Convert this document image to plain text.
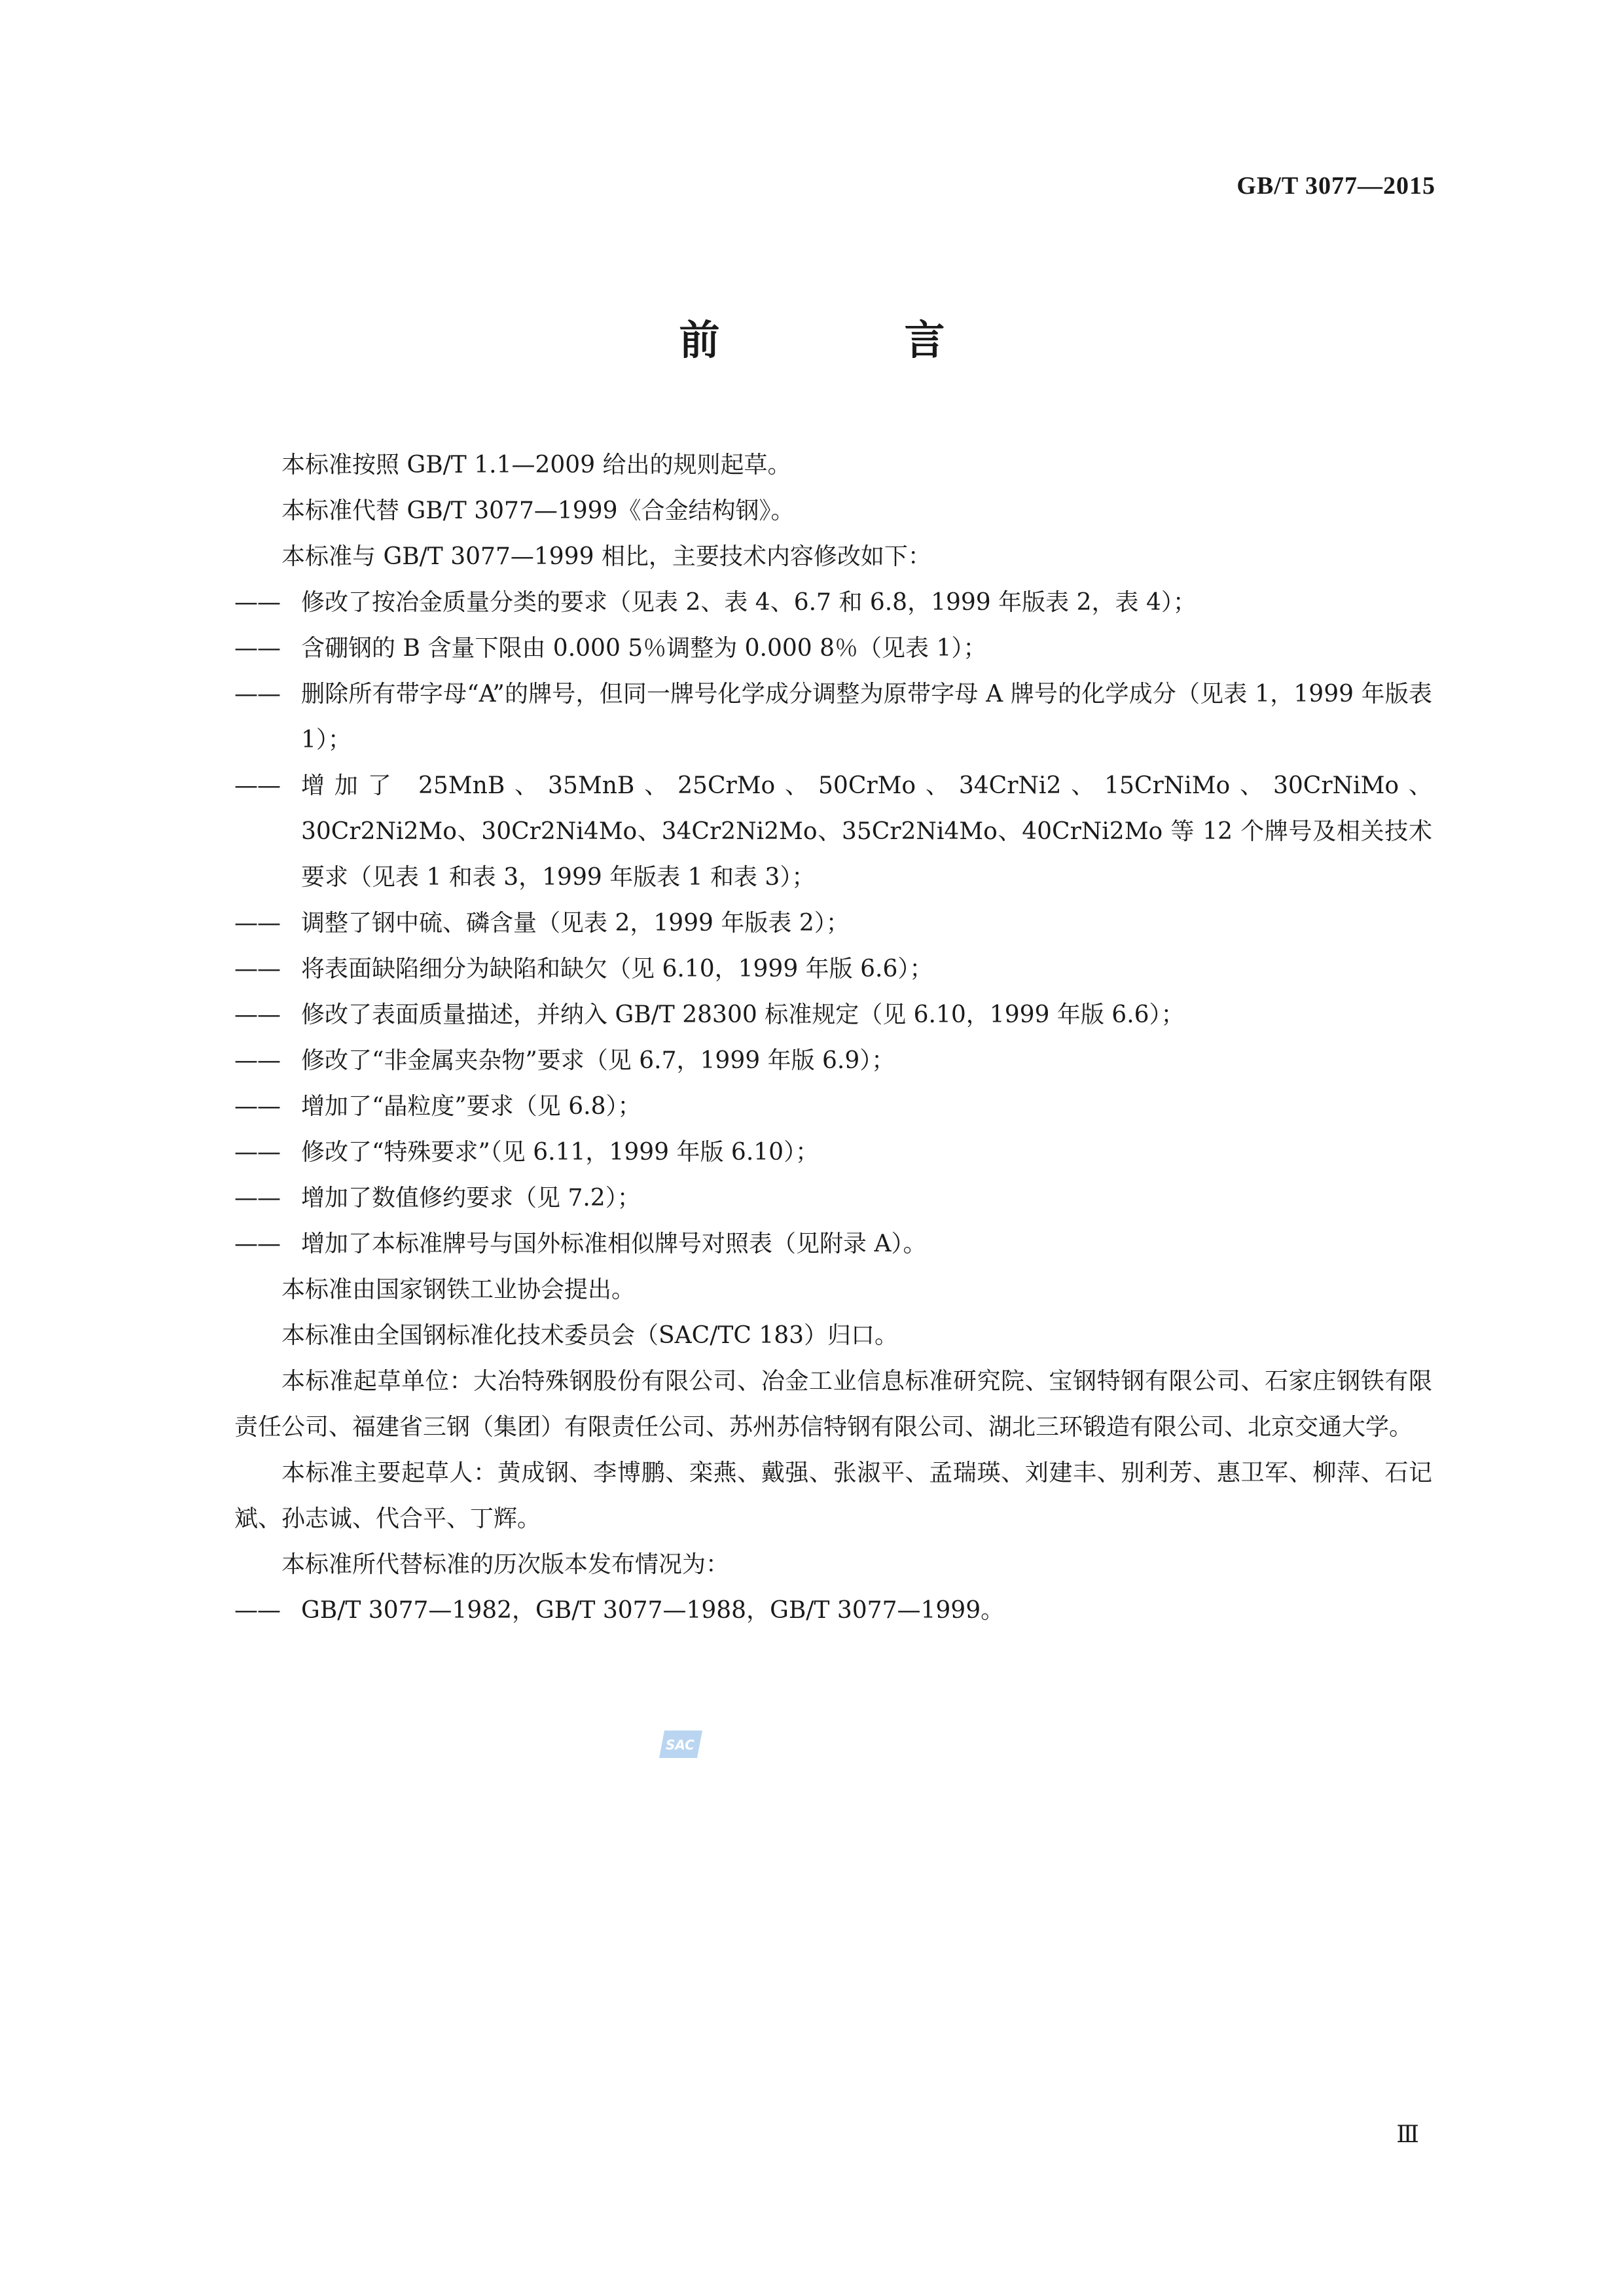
GB/T 3077—2015
前　言

本标准按照 GB/T 1.1—2009 给出的规则起草。

本标准代替 GB/T 3077—1999《合金结构钢》。

本标准与 GB/T 3077—1999 相比，主要技术内容修改如下：

—— 修改了按冶金质量分类的要求（见表 2、表 4、6.7 和 6.8，1999 年版表 2，表 4）；

—— 含硼钢的 B 含量下限由 0.000 5％调整为 0.000 8％（见表 1）；

—— 删除所有带字母“A”的牌号，但同一牌号化学成分调整为原带字母 A 牌号的化学成分（见表 1，1999 年版表 1）；

—— 增加了 25MnB、35MnB、25CrMo、50CrMo、34CrNi2、15CrNiMo、30CrNiMo、30Cr2Ni2Mo、30Cr2Ni4Mo、34Cr2Ni2Mo、35Cr2Ni4Mo、40CrNi2Mo 等 12 个牌号及相关技术要求（见表 1 和表 3，1999 年版表 1 和表 3）；

—— 调整了钢中硫、磷含量（见表 2，1999 年版表 2）；

—— 将表面缺陷细分为缺陷和缺欠（见 6.10，1999 年版 6.6）；

—— 修改了表面质量描述，并纳入 GB/T 28300 标准规定（见 6.10，1999 年版 6.6）；

—— 修改了“非金属夹杂物”要求（见 6.7，1999 年版 6.9）；

—— 增加了“晶粒度”要求（见 6.8）；

—— 修改了“特殊要求”（见 6.11，1999 年版 6.10）；

—— 增加了数值修约要求（见 7.2）；

—— 增加了本标准牌号与国外标准相似牌号对照表（见附录 A）。

本标准由国家钢铁工业协会提出。

本标准由全国钢标准化技术委员会（SAC/TC 183）归口。

本标准起草单位：大冶特殊钢股份有限公司、冶金工业信息标准研究院、宝钢特钢有限公司、石家庄钢铁有限责任公司、福建省三钢（集团）有限责任公司、苏州苏信特钢有限公司、湖北三环锻造有限公司、北京交通大学。

本标准主要起草人：黄成钢、李博鹏、栾燕、戴强、张淑平、孟瑞瑛、刘建丰、别利芳、惠卫军、柳萍、石记斌、孙志诚、代合平、丁辉。

本标准所代替标准的历次版本发布情况为：

—— GB/T 3077—1982，GB/T 3077—1988，GB/T 3077—1999。

SAC
Ⅲ
